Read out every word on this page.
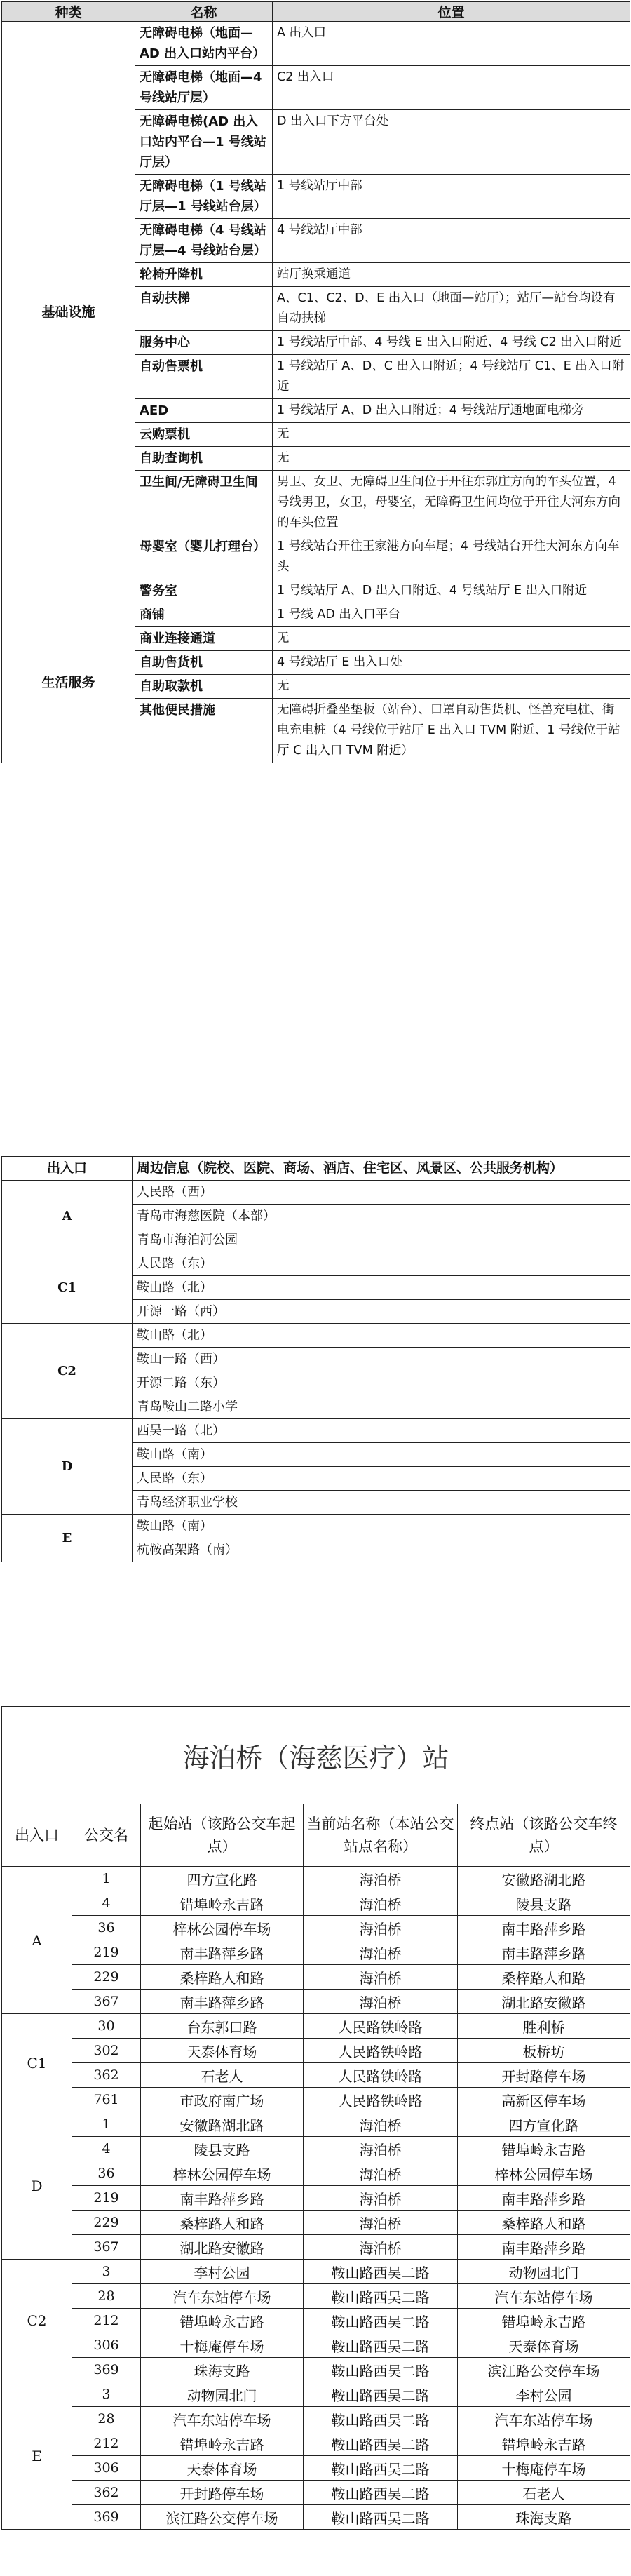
种类	名称	位置
基础设施	无障碍电梯（地面—AD 出入口站内平台）	A 出入口
	无障碍电梯（地面—4 号线站厅层）	C2 出入口
	无障碍电梯(AD 出入口站内平台—1 号线站厅层）	D 出入口下方平台处
	无障碍电梯（1 号线站厅层—1 号线站台层）	1 号线站厅中部
	无障碍电梯（4 号线站厅层—4 号线站台层）	4 号线站厅中部
	轮椅升降机	站厅换乘通道
	自动扶梯	A、C1、C2、D、E 出入口（地面—站厅）；站厅—站台均设有自动扶梯
	服务中心	1 号线站厅中部、4 号线 E 出入口附近、4 号线 C2 出入口附近
	自动售票机	1 号线站厅 A、D、C 出入口附近；4 号线站厅 C1、E 出入口附近
	AED	1 号线站厅 A、D 出入口附近；4 号线站厅通地面电梯旁
	云购票机	无
	自助查询机	无
	卫生间/无障碍卫生间	男卫、女卫、无障碍卫生间位于开往东郭庄方向的车头位置，4 号线男卫，女卫，母婴室，无障碍卫生间均位于开往大河东方向的车头位置
	母婴室（婴儿打理台）	1 号线站台开往王家港方向车尾；4 号线站台开往大河东方向车头
	警务室	1 号线站厅 A、D 出入口附近、4 号线站厅 E 出入口附近
生活服务	商铺	1 号线 AD 出入口平台
	商业连接通道	无
	自助售货机	4 号线站厅 E 出入口处
	自助取款机	无
	其他便民措施	无障碍折叠坐垫板（站台）、口罩自动售货机、怪兽充电桩、街电充电桩（4 号线位于站厅 E 出入口 TVM 附近、1 号线位于站厅 C 出入口 TVM 附近）
出入口	周边信息（院校、医院、商场、酒店、住宅区、风景区、公共服务机构）
A	人民路（西）
	青岛市海慈医院（本部）
	青岛市海泊河公园
C1	人民路（东）
	鞍山路（北）
	开源一路（西）
C2	鞍山路（北）
	鞍山一路（西）
	开源二路（东）
	青岛鞍山二路小学
D	西吴一路（北）
	鞍山路（南）
	人民路（东）
	青岛经济职业学校
E	鞍山路（南）
	杭鞍高架路（南）
海泊桥（海慈医疗）站				
出入口	公交名	起始站（该路公交车起点）	当前站名称（本站公交站点名称）	终点站（该路公交车终点）
A	1	四方宣化路	海泊桥	安徽路湖北路
	4	错埠岭永吉路	海泊桥	陵县支路
	36	梓林公园停车场	海泊桥	南丰路萍乡路
	219	南丰路萍乡路	海泊桥	南丰路萍乡路
	229	桑梓路人和路	海泊桥	桑梓路人和路
	367	南丰路萍乡路	海泊桥	湖北路安徽路
C1	30	台东郭口路	人民路铁岭路	胜利桥
	302	天泰体育场	人民路铁岭路	板桥坊
	362	石老人	人民路铁岭路	开封路停车场
	761	市政府南广场	人民路铁岭路	高新区停车场
D	1	安徽路湖北路	海泊桥	四方宣化路
	4	陵县支路	海泊桥	错埠岭永吉路
	36	梓林公园停车场	海泊桥	梓林公园停车场
	219	南丰路萍乡路	海泊桥	南丰路萍乡路
	229	桑梓路人和路	海泊桥	桑梓路人和路
	367	湖北路安徽路	海泊桥	南丰路萍乡路
C2	3	李村公园	鞍山路西吴二路	动物园北门
	28	汽车东站停车场	鞍山路西吴二路	汽车东站停车场
	212	错埠岭永吉路	鞍山路西吴二路	错埠岭永吉路
	306	十梅庵停车场	鞍山路西吴二路	天泰体育场
	369	珠海支路	鞍山路西吴二路	滨江路公交停车场
E	3	动物园北门	鞍山路西吴二路	李村公园
	28	汽车东站停车场	鞍山路西吴二路	汽车东站停车场
	212	错埠岭永吉路	鞍山路西吴二路	错埠岭永吉路
	306	天泰体育场	鞍山路西吴二路	十梅庵停车场
	362	开封路停车场	鞍山路西吴二路	石老人
	369	滨江路公交停车场	鞍山路西吴二路	珠海支路
